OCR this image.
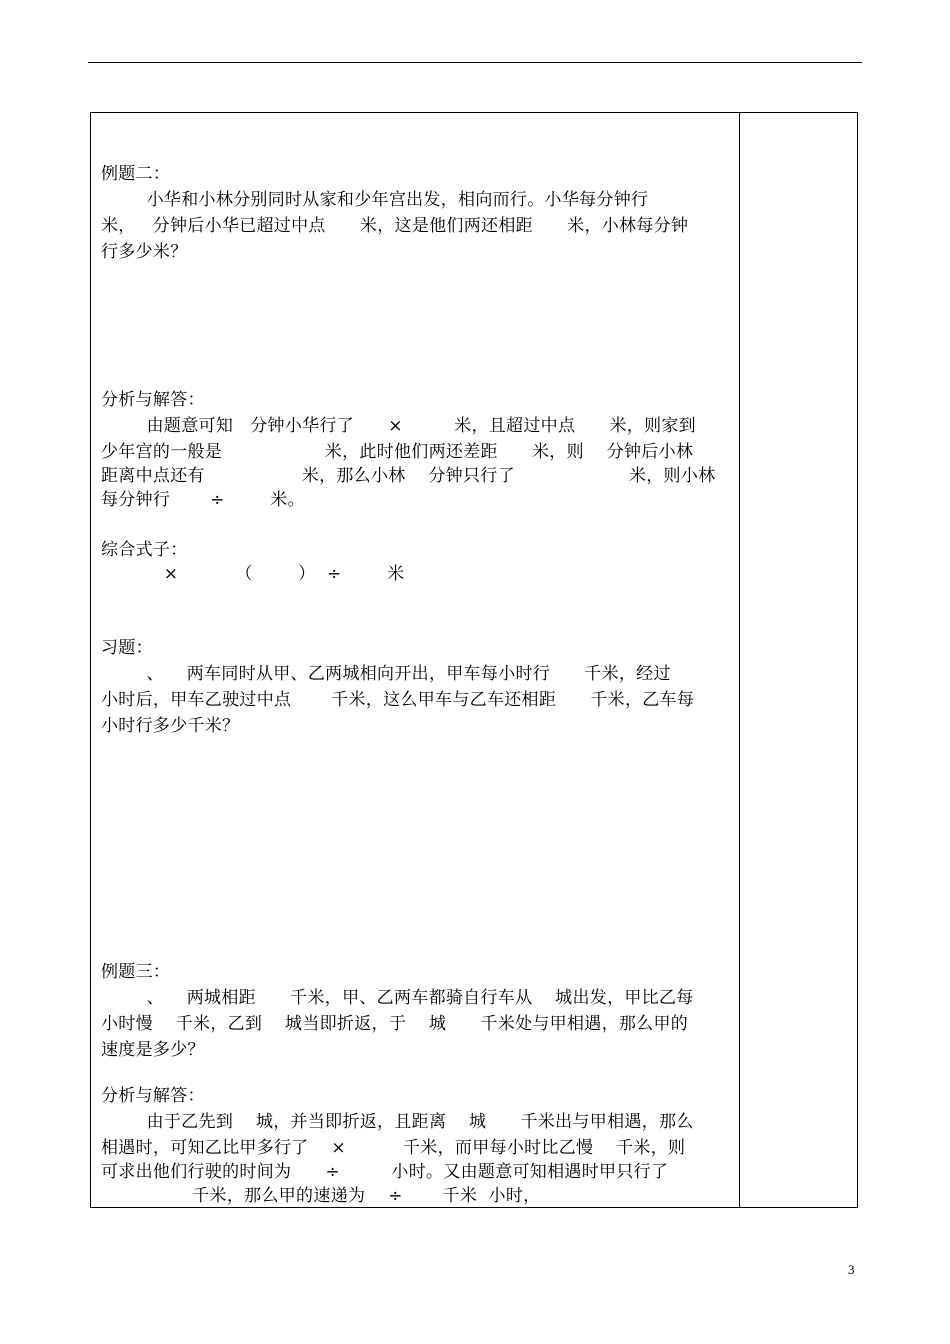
例题二：
小华和小林分别同时从家和少年宫出发，相向而行。小华每分钟行
米，   分钟后小华已超过中点      米，这是他们两还相距      米，小林每分钟
行多少米？
分析与解答：
由题意可知   分钟小华行了      ×         米，且超过中点      米，则家到
少年宫的一般是                  米，此时他们两还差距      米，则    分钟后小林
距离中点还有                 米，那么小林    分钟只行了                    米，则小林
每分钟行       ÷        米。
综合式子：
×          （        ）  ÷        米
习题：
、    两车同时从甲、乙两城相向开出，甲车每小时行      千米，经过
小时后，甲车乙驶过中点       千米，这么甲车与乙车还相距      千米，乙车每
小时行多少千米？
例题三：
、    两城相距      千米，甲、乙两车都骑自行车从    城出发，甲比乙每
小时慢    千米，乙到    城当即折返，于    城      千米处与甲相遇，那么甲的
速度是多少？
分析与解答：
由于乙先到    城，并当即折返，且距离    城      千米出与甲相遇，那么
相遇时，可知乙比甲多行了    ×          千米，而甲每小时比乙慢    千米，则
可求出他们行驶的时间为      ÷         小时。又由题意可知相遇时甲只行了
千米，那么甲的速递为    ÷       千米  小时，
3
